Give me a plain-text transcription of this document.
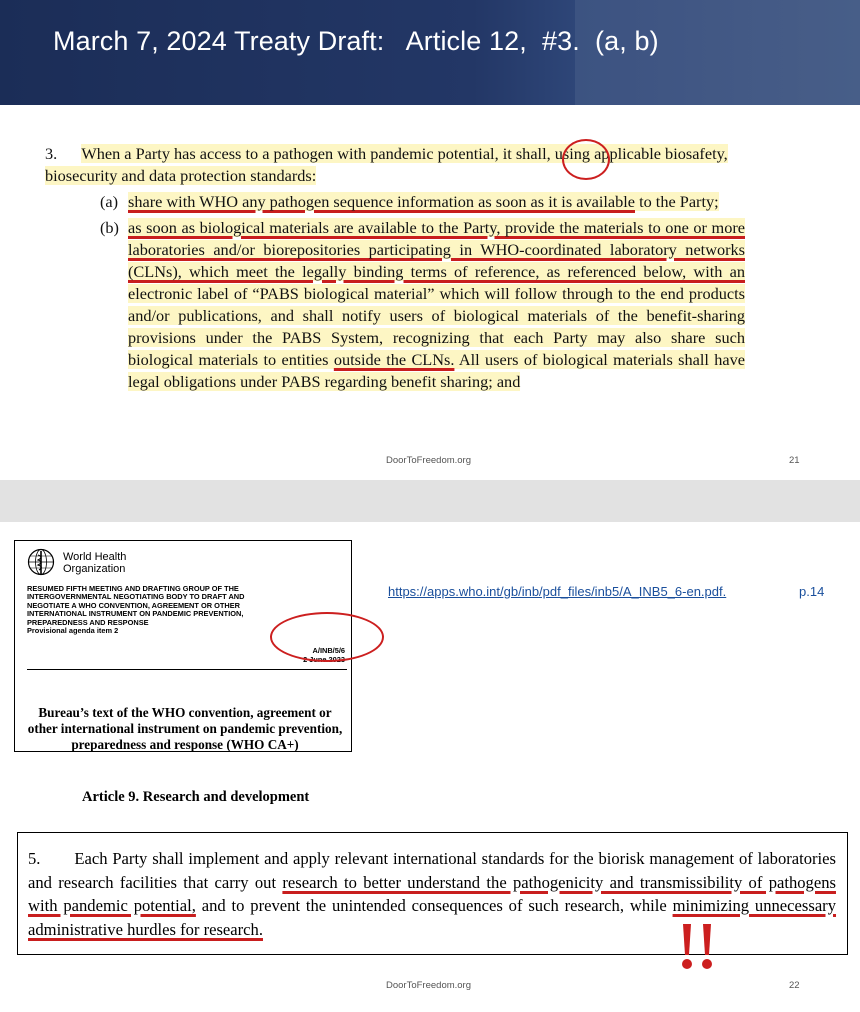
March 7, 2024 Treaty Draft:   Article 12,  #3.  (a, b)

3. When a Party has access to a pathogen with pandemic potential, it shall, using applicable biosafety, biosecurity and data protection standards:

(a) share with WHO any pathogen sequence information as soon as it is available to the Party;
(b) as soon as biological materials are available to the Party, provide the materials to one or more laboratories and/or biorepositories participating in WHO-coordinated laboratory networks (CLNs), which meet the legally binding terms of reference, as referenced below, with an electronic label of “PABS biological material” which will follow through to the end products and/or publications, and shall notify users of biological materials of the benefit-sharing provisions under the PABS System, recognizing that each Party may also share such biological materials to entities outside the CLNs. All users of biological materials shall have legal obligations under PABS regarding benefit sharing; and
DoorToFreedom.org	21
World Health
Organization
RESUMED FIFTH MEETING AND DRAFTING GROUP OF THE INTERGOVERNMENTAL NEGOTIATING BODY TO DRAFT AND NEGOTIATE A WHO CONVENTION, AGREEMENT OR OTHER INTERNATIONAL INSTRUMENT ON PANDEMIC PREVENTION, PREPAREDNESS AND RESPONSE
Provisional agenda item 2
A/INB/5/6
2 June 2023
Bureau’s text of the WHO convention, agreement or other international instrument on pandemic prevention, preparedness and response (WHO CA+)
https://apps.who.int/gb/inb/pdf_files/inb5/A_INB5_6-en.pdf.	p.14
Article 9. Research and development
5. Each Party shall implement and apply relevant international standards for the biorisk management of laboratories and research facilities that carry out research to better understand the pathogenicity and transmissibility of pathogens with pandemic potential, and to prevent the unintended consequences of such research, while minimizing unnecessary administrative hurdles for research.
DoorToFreedom.org	22
